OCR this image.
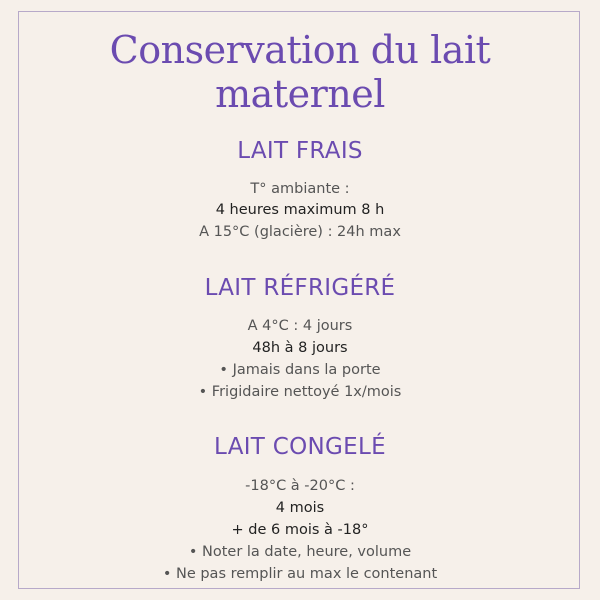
Conservation du lait
maternel
LAIT FRAIS
T° ambiante :
4 heures maximum 8 h
A 15°C (glacière) : 24h max
LAIT RÉFRIGÉRÉ
A 4°C : 4 jours
48h à 8 jours
• Jamais dans la porte
• Frigidaire nettoyé 1x/mois
LAIT CONGELÉ
-18°C à -20°C :
4 mois
+ de 6 mois à -18°
• Noter la date, heure, volume
• Ne pas remplir au max le contenant
